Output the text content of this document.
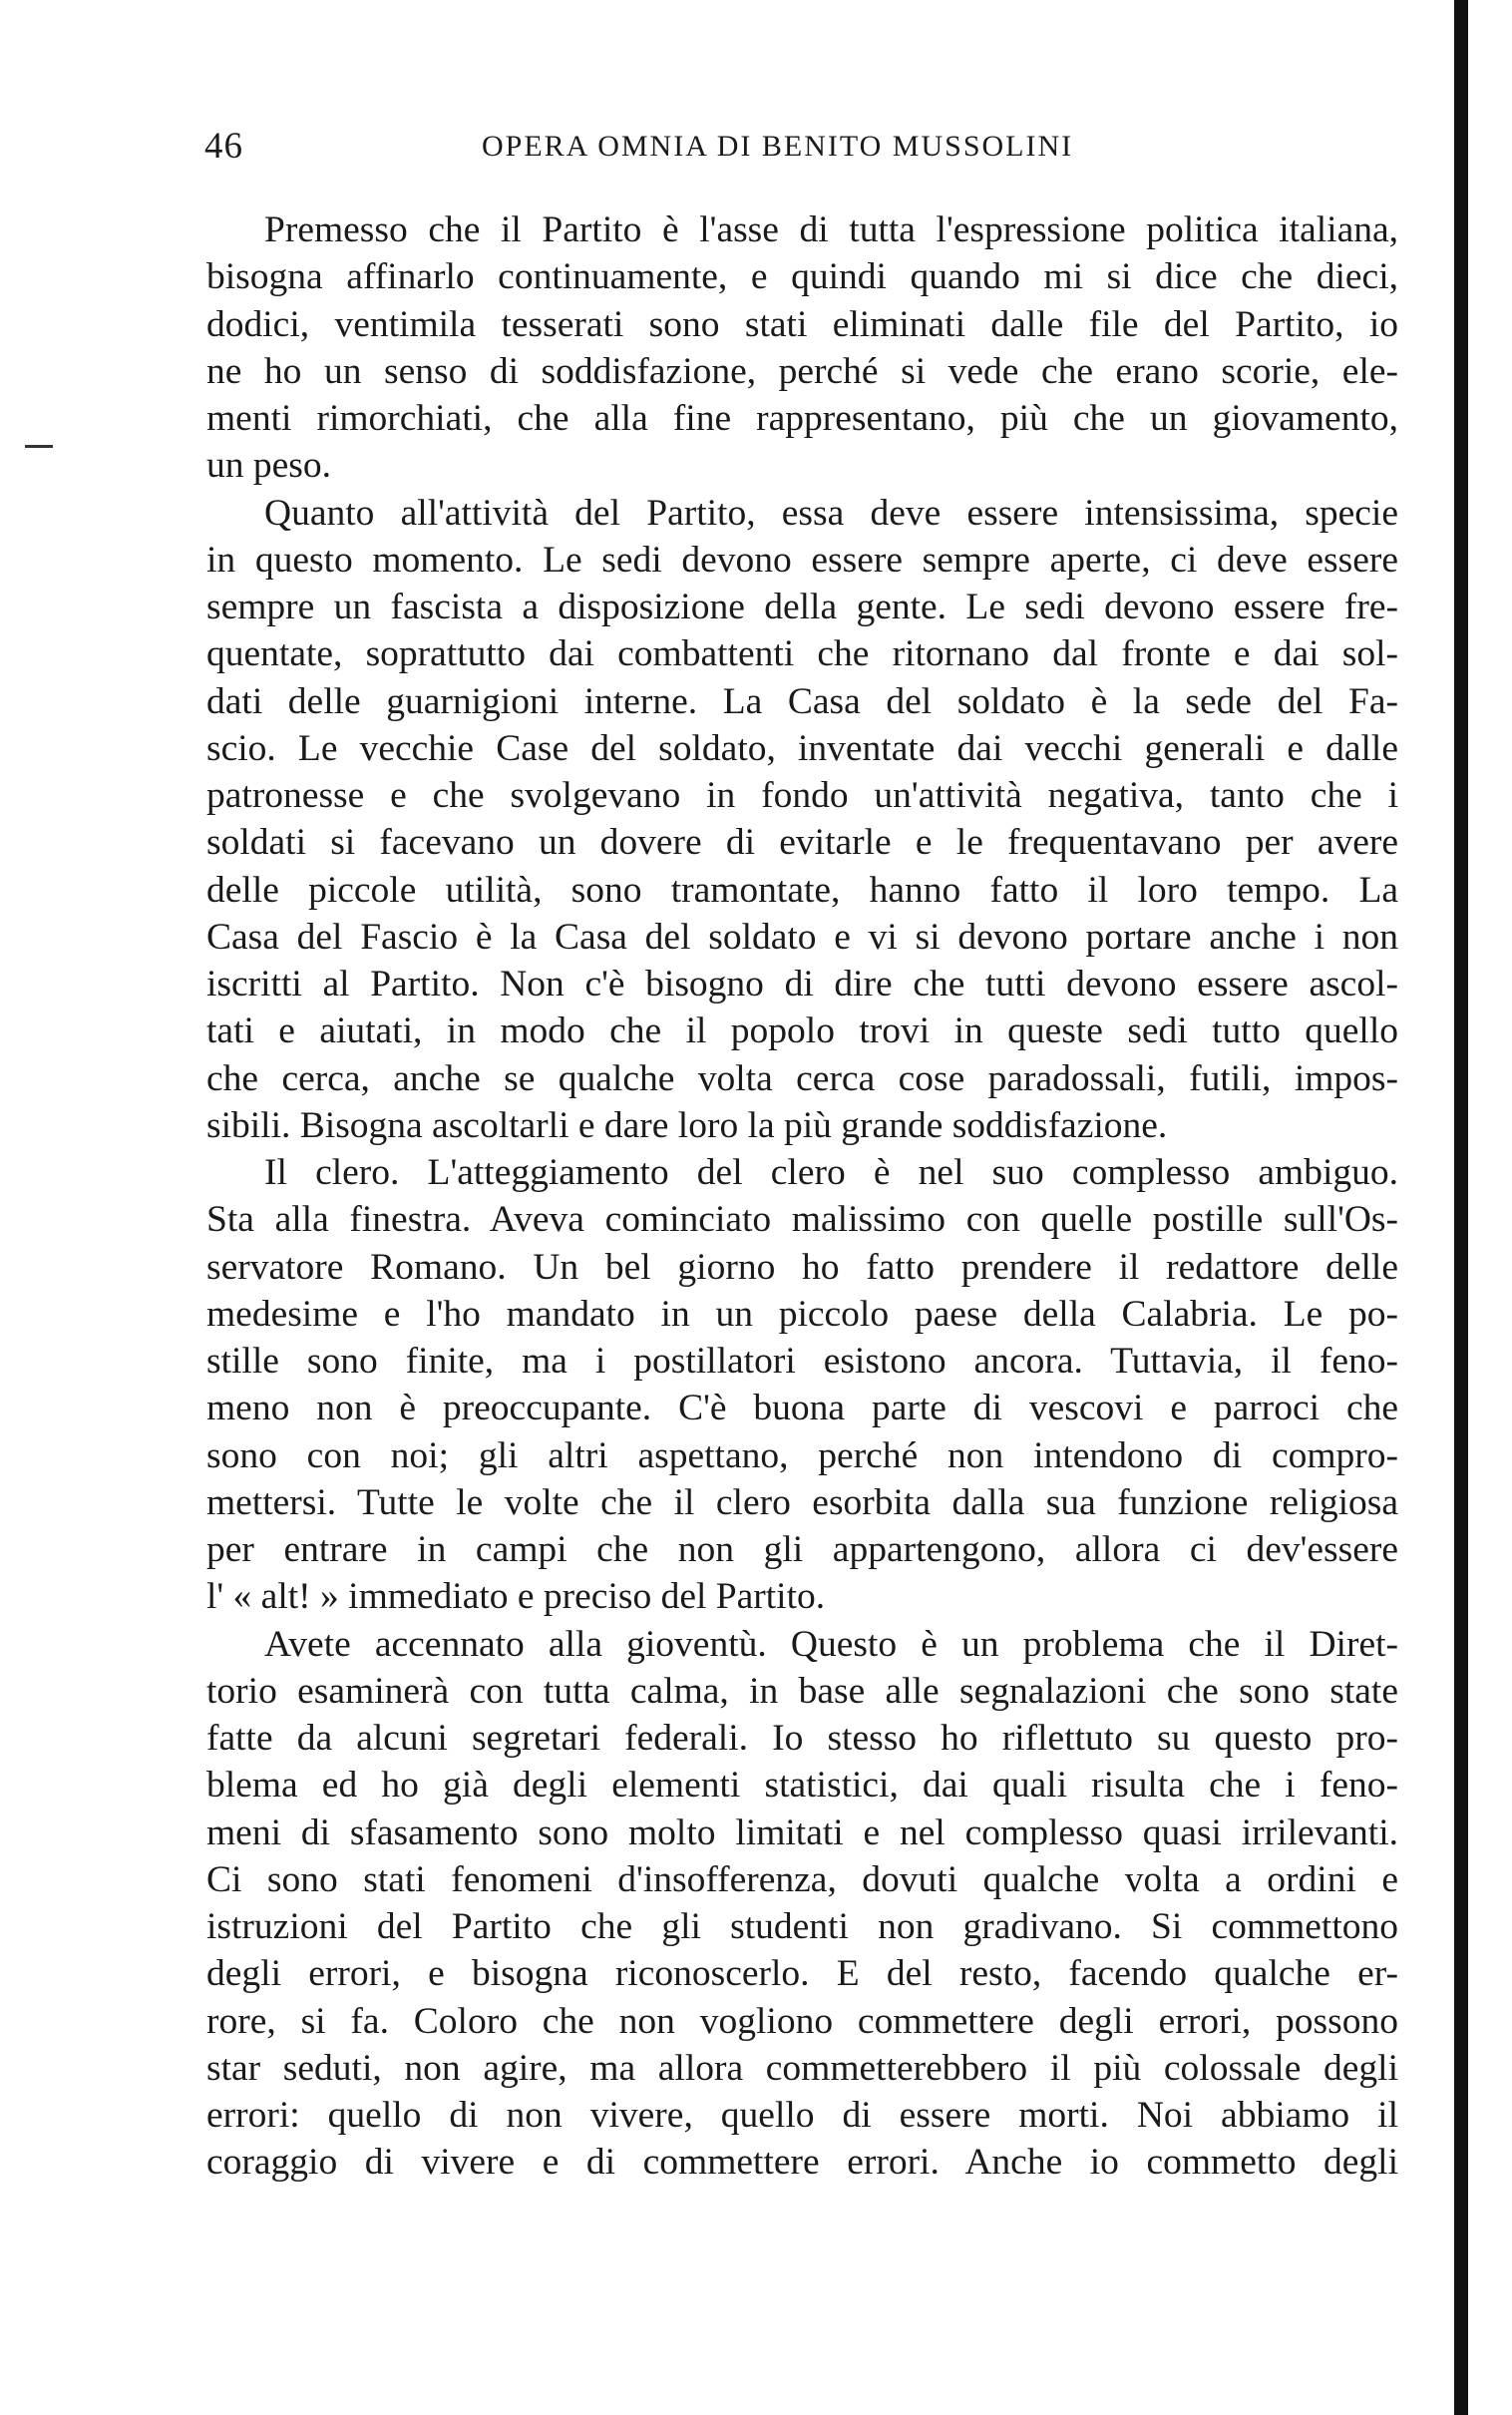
46	OPERA OMNIA DI BENITO MUSSOLINI
Premesso che il Partito è l'asse di tutta l'espressione politica italiana,
bisogna affinarlo continuamente, e quindi quando mi si dice che dieci,
dodici, ventimila tesserati sono stati eliminati dalle file del Partito, io
ne ho un senso di soddisfazione, perché si vede che erano scorie, ele-
menti rimorchiati, che alla fine rappresentano, più che un giovamento,
un peso.
Quanto all'attività del Partito, essa deve essere intensissima, specie
in questo momento. Le sedi devono essere sempre aperte, ci deve essere
sempre un fascista a disposizione della gente. Le sedi devono essere fre-
quentate, soprattutto dai combattenti che ritornano dal fronte e dai sol-
dati delle guarnigioni interne. La Casa del soldato è la sede del Fa-
scio. Le vecchie Case del soldato, inventate dai vecchi generali e dalle
patronesse e che svolgevano in fondo un'attività negativa, tanto che i
soldati si facevano un dovere di evitarle e le frequentavano per avere
delle piccole utilità, sono tramontate, hanno fatto il loro tempo. La
Casa del Fascio è la Casa del soldato e vi si devono portare anche i non
iscritti al Partito. Non c'è bisogno di dire che tutti devono essere ascol-
tati e aiutati, in modo che il popolo trovi in queste sedi tutto quello
che cerca, anche se qualche volta cerca cose paradossali, futili, impos-
sibili. Bisogna ascoltarli e dare loro la più grande soddisfazione.
Il clero. L'atteggiamento del clero è nel suo complesso ambiguo.
Sta alla finestra. Aveva cominciato malissimo con quelle postille sull'Os-
servatore Romano. Un bel giorno ho fatto prendere il redattore delle
medesime e l'ho mandato in un piccolo paese della Calabria. Le po-
stille sono finite, ma i postillatori esistono ancora. Tuttavia, il feno-
meno non è preoccupante. C'è buona parte di vescovi e parroci che
sono con noi; gli altri aspettano, perché non intendono di compro-
mettersi. Tutte le volte che il clero esorbita dalla sua funzione religiosa
per entrare in campi che non gli appartengono, allora ci dev'essere
l' « alt! » immediato e preciso del Partito.
Avete accennato alla gioventù. Questo è un problema che il Diret-
torio esaminerà con tutta calma, in base alle segnalazioni che sono state
fatte da alcuni segretari federali. Io stesso ho riflettuto su questo pro-
blema ed ho già degli elementi statistici, dai quali risulta che i feno-
meni di sfasamento sono molto limitati e nel complesso quasi irrilevanti.
Ci sono stati fenomeni d'insofferenza, dovuti qualche volta a ordini e
istruzioni del Partito che gli studenti non gradivano. Si commettono
degli errori, e bisogna riconoscerlo. E del resto, facendo qualche er-
rore, si fa. Coloro che non vogliono commettere degli errori, possono
star seduti, non agire, ma allora commetterebbero il più colossale degli
errori: quello di non vivere, quello di essere morti. Noi abbiamo il
coraggio di vivere e di commettere errori. Anche io commetto degli
